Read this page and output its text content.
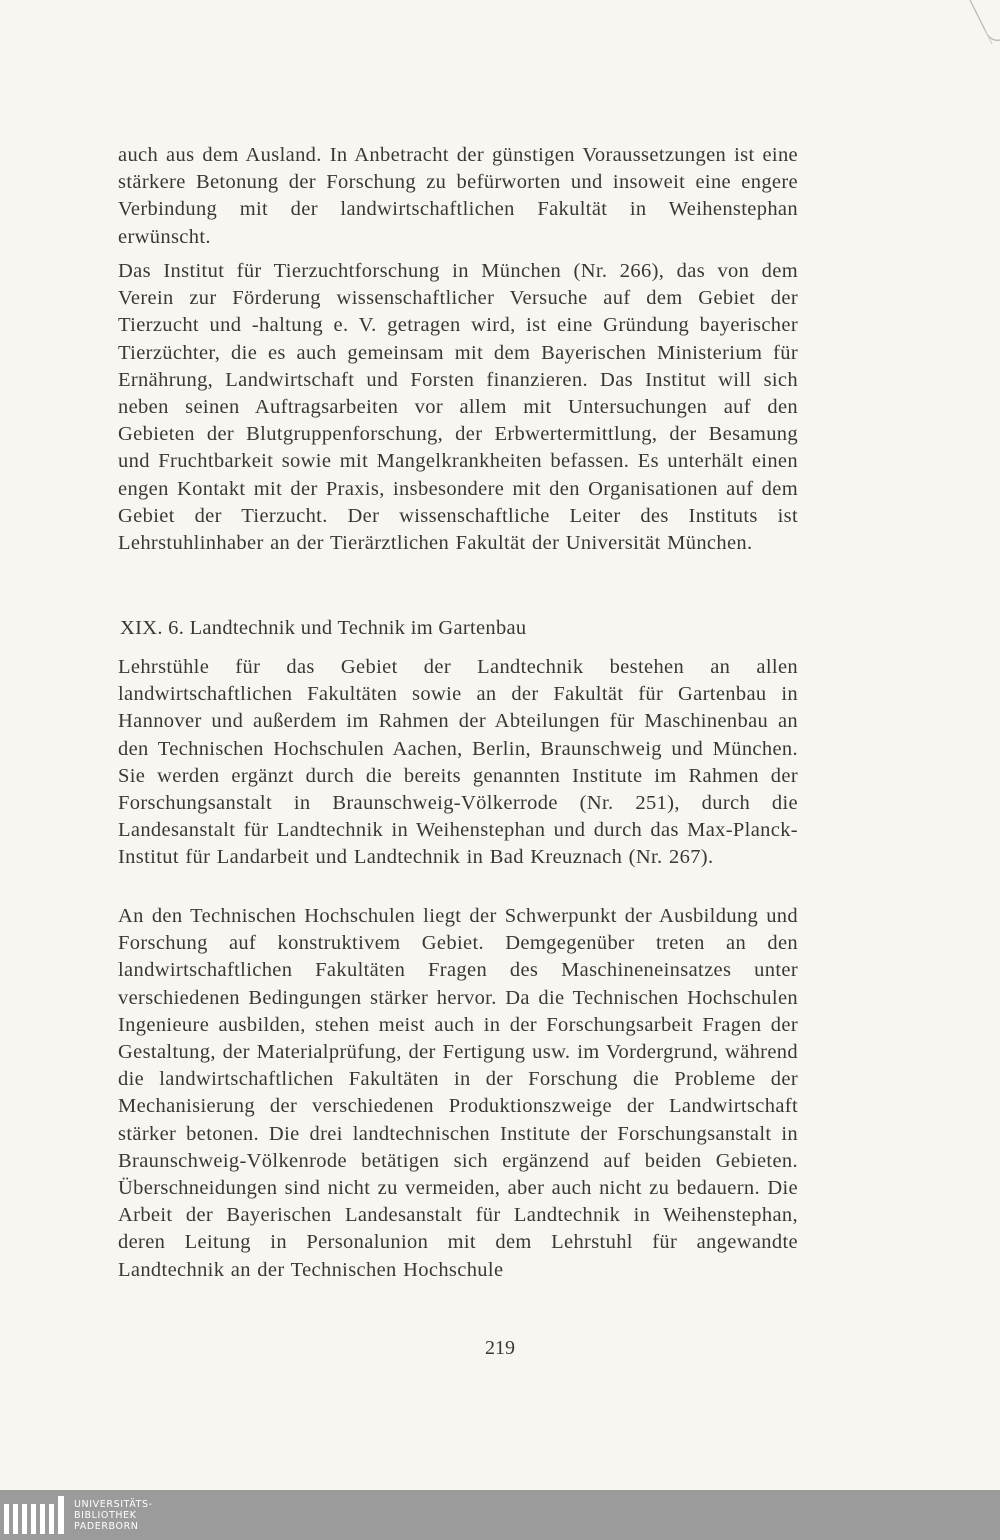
auch aus dem Ausland. In Anbetracht der günstigen Voraussetzungen ist eine stärkere Betonung der Forschung zu befürworten und insoweit eine engere Verbindung mit der landwirtschaftlichen Fakultät in Weihenstephan erwünscht.
Das Institut für Tierzuchtforschung in München (Nr. 266), das von dem Verein zur Förderung wissenschaftlicher Versuche auf dem Gebiet der Tierzucht und -haltung e. V. getragen wird, ist eine Gründung bayerischer Tierzüchter, die es auch gemeinsam mit dem Bayerischen Ministerium für Ernährung, Landwirtschaft und Forsten finanzieren. Das Institut will sich neben seinen Auftragsarbeiten vor allem mit Untersuchungen auf den Gebieten der Blutgruppenforschung, der Erbwertermittlung, der Besamung und Fruchtbarkeit sowie mit Mangelkrankheiten befassen. Es unterhält einen engen Kontakt mit der Praxis, insbesondere mit den Organisationen auf dem Gebiet der Tierzucht. Der wissenschaftliche Leiter des Instituts ist Lehrstuhlinhaber an der Tierärztlichen Fakultät der Universität München.
XIX. 6. Landtechnik und Technik im Gartenbau
Lehrstühle für das Gebiet der Landtechnik bestehen an allen landwirtschaftlichen Fakultäten sowie an der Fakultät für Gartenbau in Hannover und außerdem im Rahmen der Abteilungen für Maschinenbau an den Technischen Hochschulen Aachen, Berlin, Braunschweig und München. Sie werden ergänzt durch die bereits genannten Institute im Rahmen der Forschungsanstalt in Braunschweig-Völkerrode (Nr. 251), durch die Landesanstalt für Landtechnik in Weihenstephan und durch das Max-Planck-Institut für Landarbeit und Landtechnik in Bad Kreuznach (Nr. 267).
An den Technischen Hochschulen liegt der Schwerpunkt der Ausbildung und Forschung auf konstruktivem Gebiet. Demgegenüber treten an den landwirtschaftlichen Fakultäten Fragen des Maschineneinsatzes unter verschiedenen Bedingungen stärker hervor. Da die Technischen Hochschulen Ingenieure ausbilden, stehen meist auch in der Forschungsarbeit Fragen der Gestaltung, der Materialprüfung, der Fertigung usw. im Vordergrund, während die landwirtschaftlichen Fakultäten in der Forschung die Probleme der Mechanisierung der verschiedenen Produktionszweige der Landwirtschaft stärker betonen. Die drei landtechnischen Institute der Forschungsanstalt in Braunschweig-Völkenrode betätigen sich ergänzend auf beiden Gebieten. Überschneidungen sind nicht zu vermeiden, aber auch nicht zu bedauern. Die Arbeit der Bayerischen Landesanstalt für Landtechnik in Weihenstephan, deren Leitung in Personalunion mit dem Lehrstuhl für angewandte Landtechnik an der Technischen Hochschule
219
UNIVERSITÄTS-
BIBLIOTHEK
PADERBORN
